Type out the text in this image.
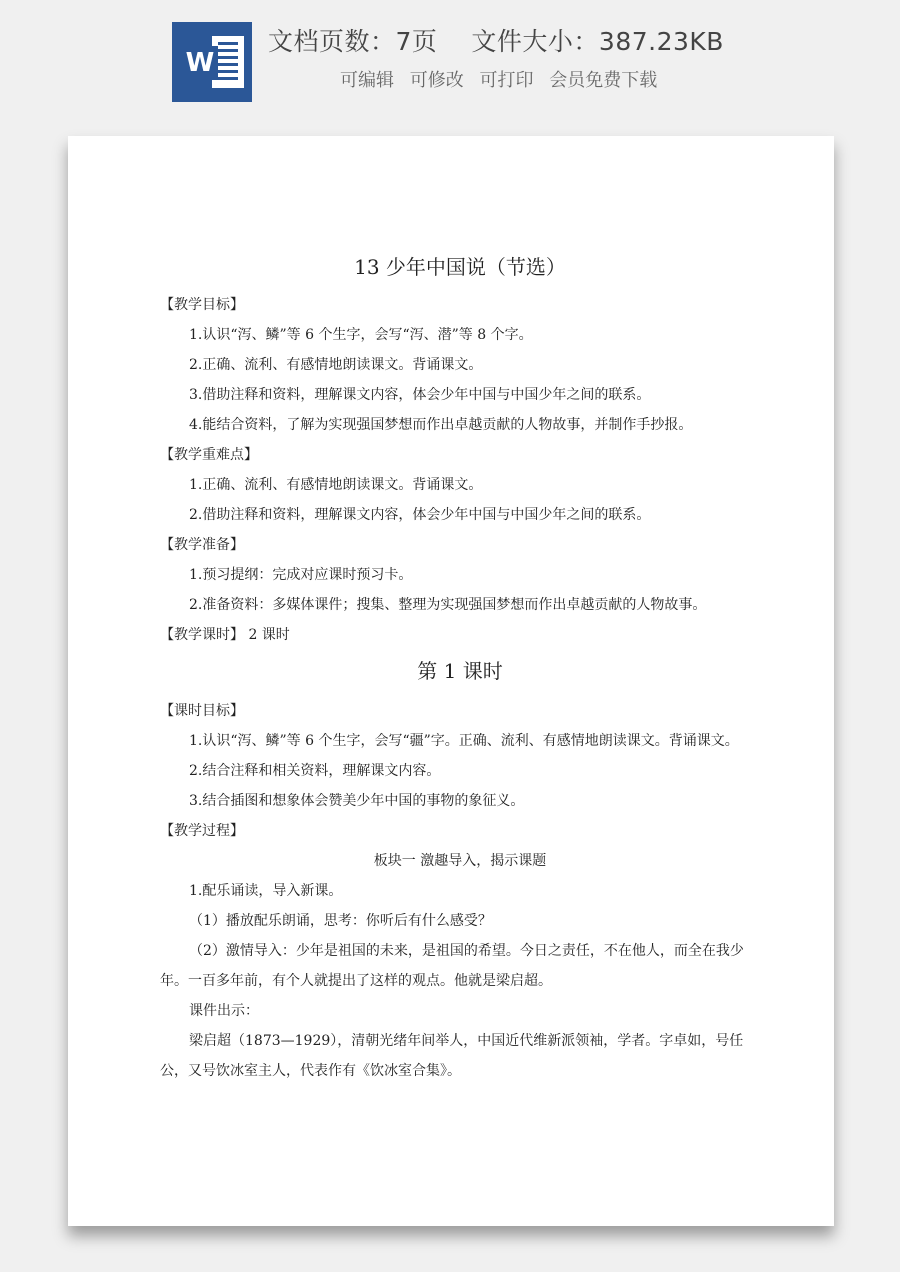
W
文档页数：7页 文件大小：387.23KB
可编辑 可修改 可打印 会员免费下载
13 少年中国说（节选）
【教学目标】
1.认识“泻、鳞”等 6 个生字，会写“泻、潜”等 8 个字。
2.正确、流利、有感情地朗读课文。背诵课文。
3.借助注释和资料，理解课文内容，体会少年中国与中国少年之间的联系。
4.能结合资料，了解为实现强国梦想而作出卓越贡献的人物故事，并制作手抄报。
【教学重难点】
1.正确、流利、有感情地朗读课文。背诵课文。
2.借助注释和资料，理解课文内容，体会少年中国与中国少年之间的联系。
【教学准备】
1.预习提纲：完成对应课时预习卡。
2.准备资料：多媒体课件；搜集、整理为实现强国梦想而作出卓越贡献的人物故事。
【教学课时】 2 课时
第 1 课时
【课时目标】
1.认识“泻、鳞”等 6 个生字，会写“疆”字。正确、流利、有感情地朗读课文。背诵课文。
2.结合注释和相关资料，理解课文内容。
3.结合插图和想象体会赞美少年中国的事物的象征义。
【教学过程】
板块一 激趣导入，揭示课题
1.配乐诵读，导入新课。
（1）播放配乐朗诵，思考：你听后有什么感受？
（2）激情导入：少年是祖国的未来，是祖国的希望。今日之责任，不在他人，而全在我少年。一百多年前，有个人就提出了这样的观点。他就是梁启超。
课件出示：
梁启超（1873—1929），清朝光绪年间举人，中国近代维新派领袖，学者。字卓如，号任公，又号饮冰室主人，代表作有《饮冰室合集》。
